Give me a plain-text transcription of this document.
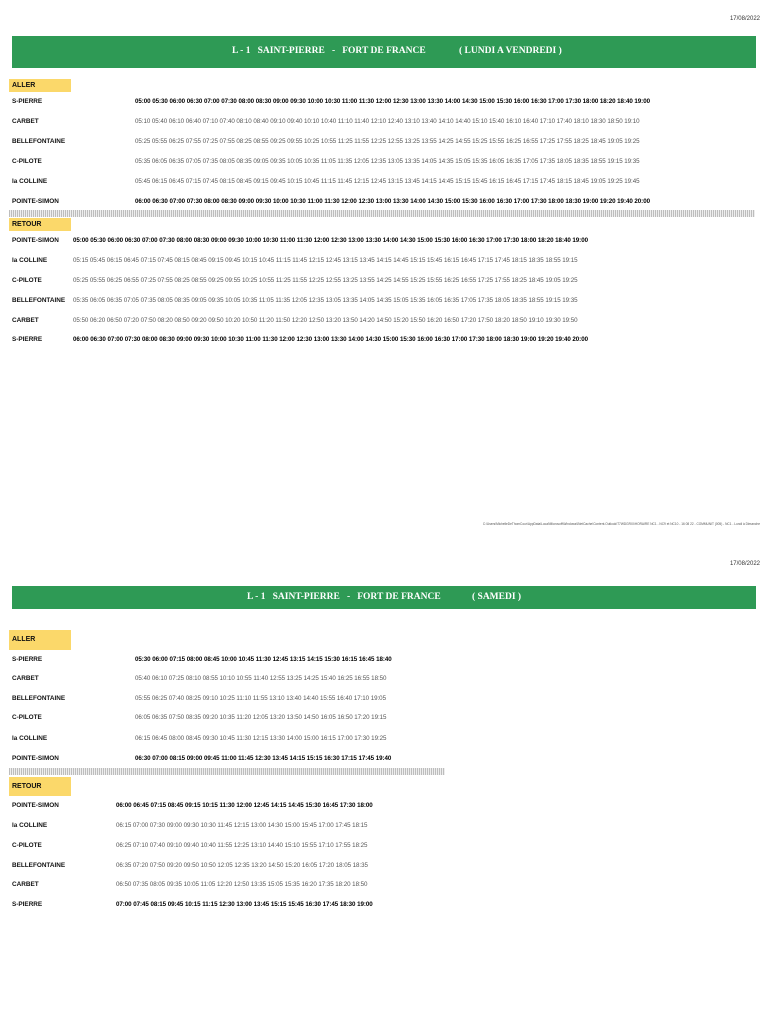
17/08/2022
L - 1   SAINT-PIERRE   -   FORT DE FRANCE	( LUNDI A VENDREDI )
ALLER
S-PIERRE	05:00 05:30 06:00 06:30 07:00 07:30 08:00 08:30 09:00 09:30 10:00 10:30 11:00 11:30 12:00 12:30 13:00 13:30 14:00 14:30 15:00 15:30 16:00 16:30 17:00 17:30 18:00 18:20 18:40 19:00
CARBET	05:10 05:40 06:10 06:40 07:10 07:40 08:10 08:40 09:10 09:40 10:10 10:40 11:10 11:40 12:10 12:40 13:10 13:40 14:10 14:40 15:10 15:40 16:10 16:40 17:10 17:40 18:10 18:30 18:50 19:10
BELLEFONTAINE	05:25 05:55 06:25 07:55 07:25 07:55 08:25 08:55 09:25 09:55 10:25 10:55 11:25 11:55 12:25 12:55 13:25 13:55 14:25 14:55 15:25 15:55 16:25 16:55 17:25 17:55 18:25 18:45 19:05 19:25
C-PILOTE	05:35 06:05 06:35 07:05 07:35 08:05 08:35 09:05 09:35 10:05 10:35 11:05 11:35 12:05 12:35 13:05 13:35 14:05 14:35 15:05 15:35 16:05 16:35 17:05 17:35 18:05 18:35 18:55 19:15 19:35
la COLLINE	05:45 06:15 06:45 07:15 07:45 08:15 08:45 09:15 09:45 10:15 10:45 11:15 11:45 12:15 12:45 13:15 13:45 14:15 14:45 15:15 15:45 16:15 16:45 17:15 17:45 18:15 18:45 19:05 19:25 19:45
POINTE-SIMON	06:00 06:30 07:00 07:30 08:00 08:30 09:00 09:30 10:00 10:30 11:00 11:30 12:00 12:30 13:00 13:30 14:00 14:30 15:00 15:30 16:00 16:30 17:00 17:30 18:00 18:30 19:00 19:20 19:40 20:00
RETOUR
POINTE-SIMON 05:00 05:30 06:00 06:30 07:00 07:30 08:00 08:30 09:00 09:30 10:00 10:30 11:00 11:30 12:00 12:30 13:00 13:30 14:00 14:30 15:00 15:30 16:00 16:30 17:00 17:30 18:00 18:20 18:40 19:00
la COLLINE	05:15 05:45 06:15 06:45 07:15 07:45 08:15 08:45 09:15 09:45 10:15 10:45 11:15 11:45 12:15 12:45 13:15 13:45 14:15 14:45 15:15 15:45 16:15 16:45 17:15 17:45 18:15 18:35 18:55 19:15
C-PILOTE	05:25 05:55 06:25 06:55 07:25 07:55 08:25 08:55 09:25 09:55 10:25 10:55 11:25 11:55 12:25 12:55 13:25 13:55 14:25 14:55 15:25 15:55 16:25 16:55 17:25 17:55 18:25 18:45 19:05 19:25
BELLEFONTAINE 05:35 06:05 06:35 07:05 07:35 08:05 08:35 09:05 09:35 10:05 10:35 11:05 11:35 12:05 12:35 13:05 13:35 14:05 14:35 15:05 15:35 16:05 16:35 17:05 17:35 18:05 18:35 18:55 19:15 19:35
CARBET	05:50 06:20 06:50 07:20 07:50 08:20 08:50 09:20 09:50 10:20 10:50 11:20 11:50 12:20 12:50 13:20 13:50 14:20 14:50 15:20 15:50 16:20 16:50 17:20 17:50 18:20 18:50 19:10 19:30 19:50
S-PIERRE	06:00 06:30 07:00 07:30 08:00 08:30 09:00 09:30 10:00 10:30 11:00 11:30 12:00 12:30 13:00 13:30 14:00 14:30 15:00 15:30 16:00 16:30 17:00 17:30 18:00 18:30 19:00 19:20 19:40 20:00
C:\Users\MichelleDeThomCour\AppData\Local\Microsoft\Windows\INetCache\Content.Outlook\T7WDGRXI\HORAIRE NC1 - NC9 et NC10 - 16 08 22 - COMMUNIT (005) - NC1 - Lundi à Dimanche
17/08/2022
L - 1   SAINT-PIERRE   -   FORT DE FRANCE	( SAMEDI )
ALLER
S-PIERRE	05:30 06:00 07:15 08:00 08:45 10:00 10:45 11:30 12:45 13:15 14:15 15:30 16:15 16:45 18:40
CARBET	05:40 06:10 07:25 08:10 08:55 10:10 10:55 11:40 12:55 13:25 14:25 15:40 16:25 16:55 18:50
BELLEFONTAINE	05:55 06:25 07:40 08:25 09:10 10:25 11:10 11:55 13:10 13:40 14:40 15:55 16:40 17:10 19:05
C-PILOTE	06:05 06:35 07:50 08:35 09:20 10:35 11:20 12:05 13:20 13:50 14:50 16:05 16:50 17:20 19:15
la COLLINE	06:15 06:45 08:00 08:45 09:30 10:45 11:30 12:15 13:30 14:00 15:00 16:15 17:00 17:30 19:25
POINTE-SIMON	06:30 07:00 08:15 09:00 09:45 11:00 11:45 12:30 13:45 14:15 15:15 16:30 17:15 17:45 19:40
RETOUR
POINTE-SIMON	06:00 06:45 07:15 08:45 09:15 10:15 11:30 12:00 12:45 14:15 14:45 15:30 16:45 17:30 18:00
la COLLINE	06:15 07:00 07:30 09:00 09:30 10:30 11:45 12:15 13:00 14:30 15:00 15:45 17:00 17:45 18:15
C-PILOTE	06:25 07:10 07:40 09:10 09:40 10:40 11:55 12:25 13:10 14:40 15:10 15:55 17:10 17:55 18:25
BELLEFONTAINE	06:35 07:20 07:50 09:20 09:50 10:50 12:05 12:35 13:20 14:50 15:20 16:05 17:20 18:05 18:35
CARBET	06:50 07:35 08:05 09:35 10:05 11:05 12:20 12:50 13:35 15:05 15:35 16:20 17:35 18:20 18:50
S-PIERRE	07:00 07:45 08:15 09:45 10:15 11:15 12:30 13:00 13:45 15:15 15:45 16:30 17:45 18:30 19:00
